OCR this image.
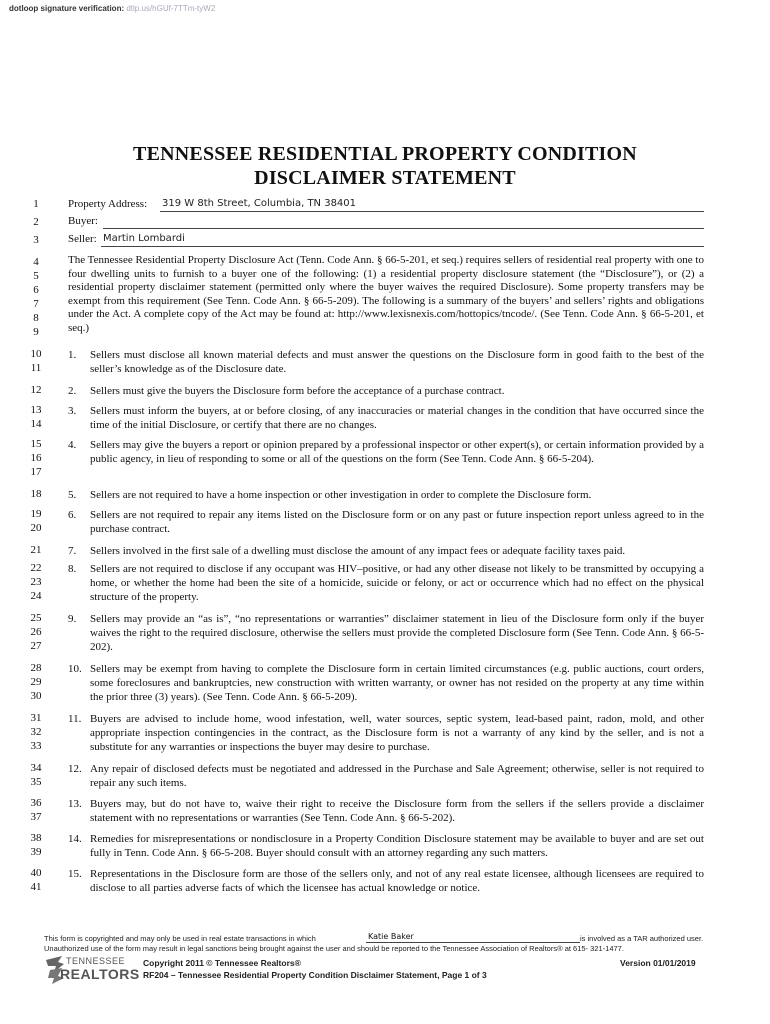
dotloop signature verification: dtlp.us/hGUf-7TTm-tyW2
TENNESSEE RESIDENTIAL PROPERTY CONDITION
DISCLAIMER STATEMENT
1
2
3
4
5
6
7
8
9
10
11
12
13
14
15
16
17
18
19
20
21
22
23
24
25
26
27
28
29
30
31
32
33
34
35
36
37
38
39
40
41
Property Address: 319 W 8th Street, Columbia, TN 38401
Buyer:
Seller: Martin Lombardi
The Tennessee Residential Property Disclosure Act (Tenn. Code Ann. § 66-5-201, et seq.) requires sellers of residential real property with one to four dwelling units to furnish to a buyer one of the following: (1) a residential property disclosure statement (the “Disclosure”), or (2) a residential property disclaimer statement (permitted only where the buyer waives the required Disclosure). Some property transfers may be exempt from this requirement (See Tenn. Code Ann. § 66-5-209). The following is a summary of the buyers’ and sellers’ rights and obligations under the Act. A complete copy of the Act may be found at: http://www.lexisnexis.com/hottopics/tncode/. (See Tenn. Code Ann. § 66-5-201, et seq.)
1. Sellers must disclose all known material defects and must answer the questions on the Disclosure form in good faith to the best of the seller’s knowledge as of the Disclosure date.
2. Sellers must give the buyers the Disclosure form before the acceptance of a purchase contract.
3. Sellers must inform the buyers, at or before closing, of any inaccuracies or material changes in the condition that have occurred since the time of the initial Disclosure, or certify that there are no changes.
4. Sellers may give the buyers a report or opinion prepared by a professional inspector or other expert(s), or certain information provided by a public agency, in lieu of responding to some or all of the questions on the form (See Tenn. Code Ann. § 66-5-204).
5. Sellers are not required to have a home inspection or other investigation in order to complete the Disclosure form.
6. Sellers are not required to repair any items listed on the Disclosure form or on any past or future inspection report unless agreed to in the purchase contract.
7. Sellers involved in the first sale of a dwelling must disclose the amount of any impact fees or adequate facility taxes paid.
8. Sellers are not required to disclose if any occupant was HIV–positive, or had any other disease not likely to be transmitted by occupying a home, or whether the home had been the site of a homicide, suicide or felony, or act or occurrence which had no effect on the physical structure of the property.
9. Sellers may provide an “as is”, “no representations or warranties” disclaimer statement in lieu of the Disclosure form only if the buyer waives the right to the required disclosure, otherwise the sellers must provide the completed Disclosure form (See Tenn. Code Ann. § 66-5-202).
10. Sellers may be exempt from having to complete the Disclosure form in certain limited circumstances (e.g. public auctions, court orders, some foreclosures and bankruptcies, new construction with written warranty, or owner has not resided on the property at any time within the prior three (3) years). (See Tenn. Code Ann. § 66-5-209).
11. Buyers are advised to include home, wood infestation, well, water sources, septic system, lead-based paint, radon, mold, and other appropriate inspection contingencies in the contract, as the Disclosure form is not a warranty of any kind by the seller, and is not a substitute for any warranties or inspections the buyer may desire to purchase.
12. Any repair of disclosed defects must be negotiated and addressed in the Purchase and Sale Agreement; otherwise, seller is not required to repair any such items.
13. Buyers may, but do not have to, waive their right to receive the Disclosure form from the sellers if the sellers provide a disclaimer statement with no representations or warranties (See Tenn. Code Ann. § 66-5-202).
14. Remedies for misrepresentations or nondisclosure in a Property Condition Disclosure statement may be available to buyer and are set out fully in Tenn. Code Ann. § 66-5-208. Buyer should consult with an attorney regarding any such matters.
15. Representations in the Disclosure form are those of the sellers only, and not of any real estate licensee, although licensees are required to disclose to all parties adverse facts of which the licensee has actual knowledge or notice.
This form is copyrighted and may only be used in real estate transactions in which	Katie Baker	is involved as a TAR authorized user.
Unauthorized use of the form may result in legal sanctions being brought against the user and should be reported to the Tennessee Association of Realtors® at 615- 321-1477.
TENNESSEE
REALTORS
Copyright 2011 © Tennessee Realtors®
RF204 – Tennessee Residential Property Condition Disclaimer Statement, Page 1 of 3
Version 01/01/2019
